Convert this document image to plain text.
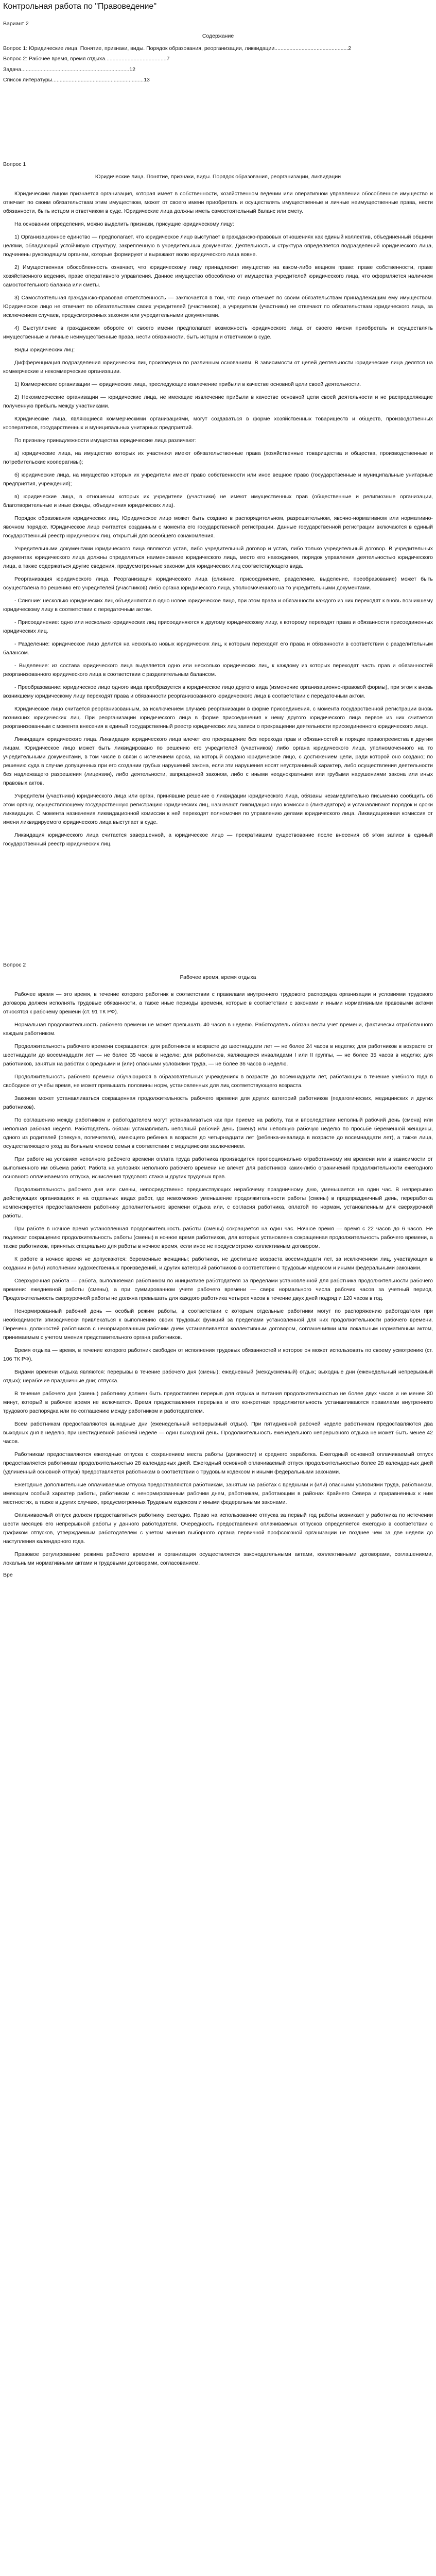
Контрольная работа по "Правоведение"
Вариант 2
Содержание
Вопрос 1: Юридические лица. Понятие, признаки, виды. Порядок образования, реорганизации, ликвидации.................................................2
Вопрос 2: Рабочее время, время отдыха.........................................7
Задача........................................................................12
Список литературы.............................................................13
Вопрос 1
Юридические лица. Понятие, признаки, виды. Порядок образования, реорганизации, ликвидации
Юридическим лицом признается организация, которая имеет в собственности, хозяйственном ведении или оперативном управлении обособленное имущество и отвечает по своим обязательствам этим имуществом, может от своего имени приобретать и осуществлять имущественные и личные неимущественные права, нести обязанности, быть истцом и ответчиком в суде. Юридические лица должны иметь самостоятельный баланс или смету.
На основании определения, можно выделить признаки, присущие юридическому лицу:
1) Организационное единство — предполагает, что юридическое лицо выступает в гражданско-правовых отношениях как единый коллектив, объединенный общими целями, обладающий устойчивую структуру, закрепленную в учредительных документах. Деятельность и структура определяется подразделений юридического лица, подчинены руководящим органам, которые формируют и выражают волю юридического лица вовне.
2) Имущественная обособленность означает, что юридическому лицу принадлежит имущество на каком-либо вещном праве: праве собственности, праве хозяйственного ведения, праве оперативного управления. Данное имущество обособлено от имущества учредителей юридического лица, что оформляется наличием самостоятельного баланса или сметы.
3) Самостоятельная гражданско-правовая ответственность — заключается в том, что лицо отвечает по своим обязательствам принадлежащим ему имуществом. Юридическое лицо не отвечает по обязательствам своих учредителей (участников), а учредители (участники) не отвечают по обязательствам юридического лица, за исключением случаев, предусмотренных законом или учредительными документами.
4) Выступление в гражданском обороте от своего имени предполагает возможность юридического лица от своего имени приобретать и осуществлять имущественные и личные неимущественные права, нести обязанности, быть истцом и ответчиком в суде.
Виды юридических лиц:
Дифференциация подразделения юридических лиц произведена по различным основаниям. В зависимости от целей деятельности юридические лица делятся на коммерческие и некоммерческие организации.
1) Коммерческие организации — юридические лица, преследующие извлечение прибыли в качестве основной цели своей деятельности.
2) Некоммерческие организации — юридические лица, не имеющие извлечение прибыли в качестве основной цели своей деятельности и не распределяющие полученную прибыль между участниками.
Юридические лица, являющиеся коммерческими организациями, могут создаваться в форме хозяйственных товариществ и обществ, производственных кооперативов, государственных и муниципальных унитарных предприятий.
По признаку принадлежности имущества юридические лица различают:
а) юридические лица, на имущество которых их участники имеют обязательственные права (хозяйственные товарищества и общества, производственные и потребительские кооперативы);
б) юридические лица, на имущество которых их учредители имеют право собственности или иное вещное право (государственные и муниципальные унитарные предприятия, учреждения);
в) юридические лица, в отношении которых их учредители (участники) не имеют имущественных прав (общественные и религиозные организации, благотворительные и иные фонды, объединения юридических лиц).
Порядок образования юридических лиц. Юридическое лицо может быть создано в распорядительном, разрешительном, явочно-нормативном или нормативно-явочном порядке. Юридическое лицо считается созданным с момента его государственной регистрации. Данные государственной регистрации включаются в единый государственный реестр юридических лиц, открытый для всеобщего ознакомления.
Учредительными документами юридического лица являются устав, либо учредительный договор и устав, либо только учредительный договор. В учредительных документах юридического лица должны определяться наименование юридического лица, место его нахождения, порядок управления деятельностью юридического лица, а также содержаться другие сведения, предусмотренные законом для юридических лиц соответствующего вида.
Реорганизация юридического лица. Реорганизация юридического лица (слияние, присоединение, разделение, выделение, преобразование) может быть осуществлена по решению его учредителей (участников) либо органа юридического лица, уполномоченного на то учредительными документами.
- Слияние: несколько юридических лиц объединяются в одно новое юридическое лицо, при этом права и обязанности каждого из них переходят к вновь возникшему юридическому лицу в соответствии с передаточным актом.
- Присоединение: одно или несколько юридических лиц присоединяются к другому юридическому лицу, к которому переходят права и обязанности присоединенных юридических лиц.
- Разделение: юридическое лицо делится на несколько новых юридических лиц, к которым переходят его права и обязанности в соответствии с разделительным балансом.
- Выделение: из состава юридического лица выделяется одно или несколько юридических лиц, к каждому из которых переходят часть прав и обязанностей реорганизованного юридического лица в соответствии с разделительным балансом.
- Преобразование: юридическое лицо одного вида преобразуется в юридическое лицо другого вида (изменение организационно-правовой формы), при этом к вновь возникшему юридическому лицу переходят права и обязанности реорганизованного юридического лица в соответствии с передаточным актом.
Юридическое лицо считается реорганизованным, за исключением случаев реорганизации в форме присоединения, с момента государственной регистрации вновь возникших юридических лиц. При реорганизации юридического лица в форме присоединения к нему другого юридического лица первое из них считается реорганизованным с момента внесения в единый государственный реестр юридических лиц записи о прекращении деятельности присоединенного юридического лица.
Ликвидация юридического лица. Ликвидация юридического лица влечет его прекращение без перехода прав и обязанностей в порядке правопреемства к другим лицам. Юридическое лицо может быть ликвидировано по решению его учредителей (участников) либо органа юридического лица, уполномоченного на то учредительными документами, в том числе в связи с истечением срока, на который создано юридическое лицо, с достижением цели, ради которой оно создано; по решению суда в случае допущенных при его создании грубых нарушений закона, если эти нарушения носят неустранимый характер, либо осуществления деятельности без надлежащего разрешения (лицензии), либо деятельности, запрещенной законом, либо с иными неоднократными или грубыми нарушениями закона или иных правовых актов.
Учредители (участники) юридического лица или орган, принявшие решение о ликвидации юридического лица, обязаны незамедлительно письменно сообщить об этом органу, осуществляющему государственную регистрацию юридических лиц, назначают ликвидационную комиссию (ликвидатора) и устанавливают порядок и сроки ликвидации. С момента назначения ликвидационной комиссии к ней переходят полномочия по управлению делами юридического лица. Ликвидационная комиссия от имени ликвидируемого юридического лица выступает в суде.
Ликвидация юридического лица считается завершенной, а юридическое лицо — прекратившим существование после внесения об этом записи в единый государственный реестр юридических лиц.
Вопрос 2
Рабочее время, время отдыха
Рабочее время — это время, в течение которого работник в соответствии с правилами внутреннего трудового распорядка организации и условиями трудового договора должен исполнять трудовые обязанности, а также иные периоды времени, которые в соответствии с законами и иными нормативными правовыми актами относятся к рабочему времени (ст. 91 ТК РФ).
Нормальная продолжительность рабочего времени не может превышать 40 часов в неделю. Работодатель обязан вести учет времени, фактически отработанного каждым работником.
Продолжительность рабочего времени сокращается: для работников в возрасте до шестнадцати лет — не более 24 часов в неделю; для работников в возрасте от шестнадцати до восемнадцати лет — не более 35 часов в неделю; для работников, являющихся инвалидами I или II группы, — не более 35 часов в неделю; для работников, занятых на работах с вредными и (или) опасными условиями труда, — не более 36 часов в неделю.
Продолжительность рабочего времени обучающихся в образовательных учреждениях в возрасте до восемнадцати лет, работающих в течение учебного года в свободное от учебы время, не может превышать половины норм, установленных для лиц соответствующего возраста.
Законом может устанавливаться сокращенная продолжительность рабочего времени для других категорий работников (педагогических, медицинских и других работников).
По соглашению между работником и работодателем могут устанавливаться как при приеме на работу, так и впоследствии неполный рабочий день (смена) или неполная рабочая неделя. Работодатель обязан устанавливать неполный рабочий день (смену) или неполную рабочую неделю по просьбе беременной женщины, одного из родителей (опекуна, попечителя), имеющего ребенка в возрасте до четырнадцати лет (ребенка-инвалида в возрасте до восемнадцати лет), а также лица, осуществляющего уход за больным членом семьи в соответствии с медицинским заключением.
При работе на условиях неполного рабочего времени оплата труда работника производится пропорционально отработанному им времени или в зависимости от выполненного им объема работ. Работа на условиях неполного рабочего времени не влечет для работников каких-либо ограничений продолжительности ежегодного основного оплачиваемого отпуска, исчисления трудового стажа и других трудовых прав.
Продолжительность рабочего дня или смены, непосредственно предшествующих нерабочему праздничному дню, уменьшается на один час. В непрерывно действующих организациях и на отдельных видах работ, где невозможно уменьшение продолжительности работы (смены) в предпраздничный день, переработка компенсируется предоставлением работнику дополнительного времени отдыха или, с согласия работника, оплатой по нормам, установленным для сверхурочной работы.
При работе в ночное время установленная продолжительность работы (смены) сокращается на один час. Ночное время — время с 22 часов до 6 часов. Не подлежат сокращению продолжительность работы (смены) в ночное время работников, для которых установлена сокращенная продолжительность рабочего времени, а также работников, принятых специально для работы в ночное время, если иное не предусмотрено коллективным договором.
К работе в ночное время не допускаются: беременные женщины; работники, не достигшие возраста восемнадцати лет, за исключением лиц, участвующих в создании и (или) исполнении художественных произведений, и других категорий работников в соответствии с Трудовым кодексом и иными федеральными законами.
Сверхурочная работа — работа, выполняемая работником по инициативе работодателя за пределами установленной для работника продолжительности рабочего времени: ежедневной работы (смены), а при суммированном учете рабочего времени — сверх нормального числа рабочих часов за учетный период. Продолжительность сверхурочной работы не должна превышать для каждого работника четырех часов в течение двух дней подряд и 120 часов в год.
Ненормированный рабочий день — особый режим работы, в соответствии с которым отдельные работники могут по распоряжению работодателя при необходимости эпизодически привлекаться к выполнению своих трудовых функций за пределами установленной для них продолжительности рабочего времени. Перечень должностей работников с ненормированным рабочим днем устанавливается коллективным договором, соглашениями или локальным нормативным актом, принимаемым с учетом мнения представительного органа работников.
Время отдыха — время, в течение которого работник свободен от исполнения трудовых обязанностей и которое он может использовать по своему усмотрению (ст. 106 ТК РФ).
Видами времени отдыха являются: перерывы в течение рабочего дня (смены); ежедневный (междусменный) отдых; выходные дни (еженедельный непрерывный отдых); нерабочие праздничные дни; отпуска.
В течение рабочего дня (смены) работнику должен быть предоставлен перерыв для отдыха и питания продолжительностью не более двух часов и не менее 30 минут, который в рабочее время не включается. Время предоставления перерыва и его конкретная продолжительность устанавливаются правилами внутреннего трудового распорядка или по соглашению между работником и работодателем.
Всем работникам предоставляются выходные дни (еженедельный непрерывный отдых). При пятидневной рабочей неделе работникам предоставляются два выходных дня в неделю, при шестидневной рабочей неделе — один выходной день. Продолжительность еженедельного непрерывного отдыха не может быть менее 42 часов.
Работникам предоставляются ежегодные отпуска с сохранением места работы (должности) и среднего заработка. Ежегодный основной оплачиваемый отпуск предоставляется работникам продолжительностью 28 календарных дней. Ежегодный основной оплачиваемый отпуск продолжительностью более 28 календарных дней (удлиненный основной отпуск) предоставляется работникам в соответствии с Трудовым кодексом и иными федеральными законами.
Ежегодные дополнительные оплачиваемые отпуска предоставляются работникам, занятым на работах с вредными и (или) опасными условиями труда, работникам, имеющим особый характер работы, работникам с ненормированным рабочим днем, работникам, работающим в районах Крайнего Севера и приравненных к ним местностях, а также в других случаях, предусмотренных Трудовым кодексом и иными федеральными законами.
Оплачиваемый отпуск должен предоставляться работнику ежегодно. Право на использование отпуска за первый год работы возникает у работника по истечении шести месяцев его непрерывной работы у данного работодателя. Очередность предоставления оплачиваемых отпусков определяется ежегодно в соответствии с графиком отпусков, утверждаемым работодателем с учетом мнения выборного органа первичной профсоюзной организации не позднее чем за две недели до наступления календарного года.
Правовое регулирование режима рабочего времени и организация осуществляется законодательными актами, коллективными договорами, соглашениями, локальными нормативными актами и трудовыми договорами, согласованием.
Вре
